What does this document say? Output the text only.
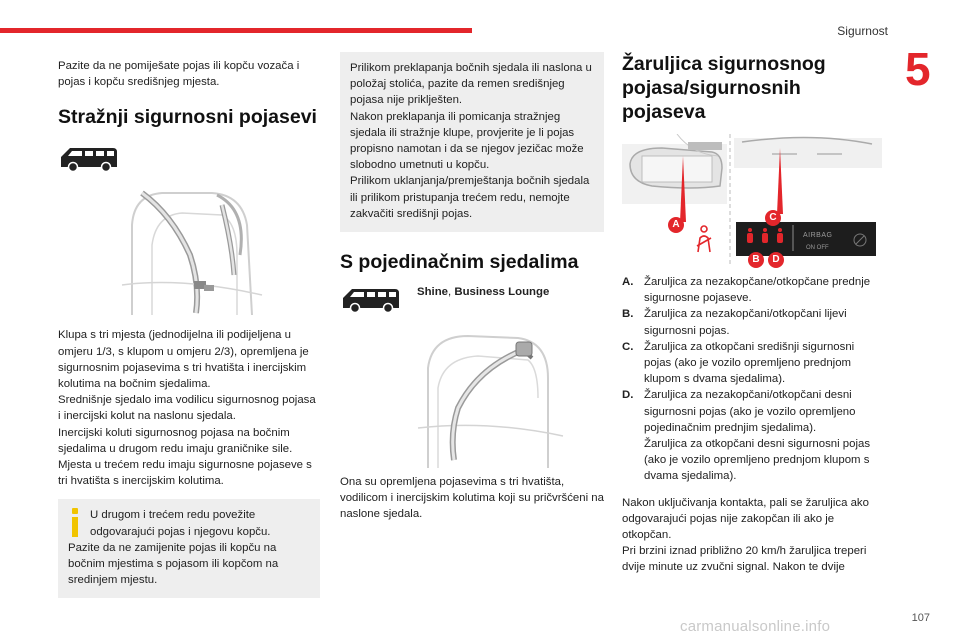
Sigurnost
5

Pazite da ne pomiješate pojas ili kopču vozača i pojas i kopču središnjeg mjesta.

Stražnji sigurnosni pojasevi

Klupa s tri mjesta (jednodijelna ili podijeljena u omjeru 1/3, s klupom u omjeru 2/3), opremljena je sigurnosnim pojasevima s tri hvatišta i inercijskim kolutima na bočnim sjedalima.
Srednišnje sjedalo ima vodilicu sigurnosnog pojasa i inercijski kolut na naslonu sjedala.
Inercijski koluti sigurnosnog pojasa na bočnim sjedalima u drugom redu imaju graničnike sile.
Mjesta u trećem redu imaju sigurnosne pojaseve s tri hvatišta s inercijskim kolutima.

U drugom i trećem redu povežite odgovarajući pojas i njegovu kopču.

Pazite da ne zamijenite pojas ili kopču na bočnim mjestima s pojasom ili kopčom na sredinjem mjestu.

Prilikom preklapanja bočnih sjedala ili naslona u položaj stolića, pazite da remen središnjeg pojasa nije priklješten.
Nakon preklapanja ili pomicanja stražnjeg sjedala ili stražnje klupe, provjerite je li pojas propisno namotan i da se njegov jezičac može slobodno umetnuti u kopču.
Prilikom uklanjanja/premještanja bočnih sjedala ili prilikom pristupanja trećem redu, nemojte zakvačiti središnji pojas.

S pojedinačnim sjedalima
Shine, Business Lounge

Ona su opremljena pojasevima s tri hvatišta, vodilicom i inercijskim kolutima koji su pričvršćeni na naslone sjedala.

Žaruljica sigurnosnog pojasa/sigurnosnih pojaseva
AIRBAG
ON OFF
A
C
B	D
A. Žaruljica za nezakopčane/otkopčane prednje sigurnosne pojaseve.

B. Žaruljica za nezakopčani/otkopčani lijevi sigurnosni pojas.

C. Žaruljica za otkopčani središnji sigurnosni pojas (ako je vozilo opremljeno prednjom klupom s dvama sjedalima).

D. Žaruljica za nezakopčani/otkopčani desni sigurnosni pojas (ako je vozilo opremljeno pojedinačnim prednjim sjedalima).
Žaruljica za otkopčani desni sigurnosni pojas (ako je vozilo opremljeno prednjom klupom s dvama sjedalima).

Nakon uključivanja kontakta, pali se žaruljica ako odgovarajući pojas nije zakopčan ili ako je otkopčan.
Pri brzini iznad približno 20 km/h žaruljica treperi dvije minute uz zvučni signal. Nakon te dvije

carmanualsonline.info	107
